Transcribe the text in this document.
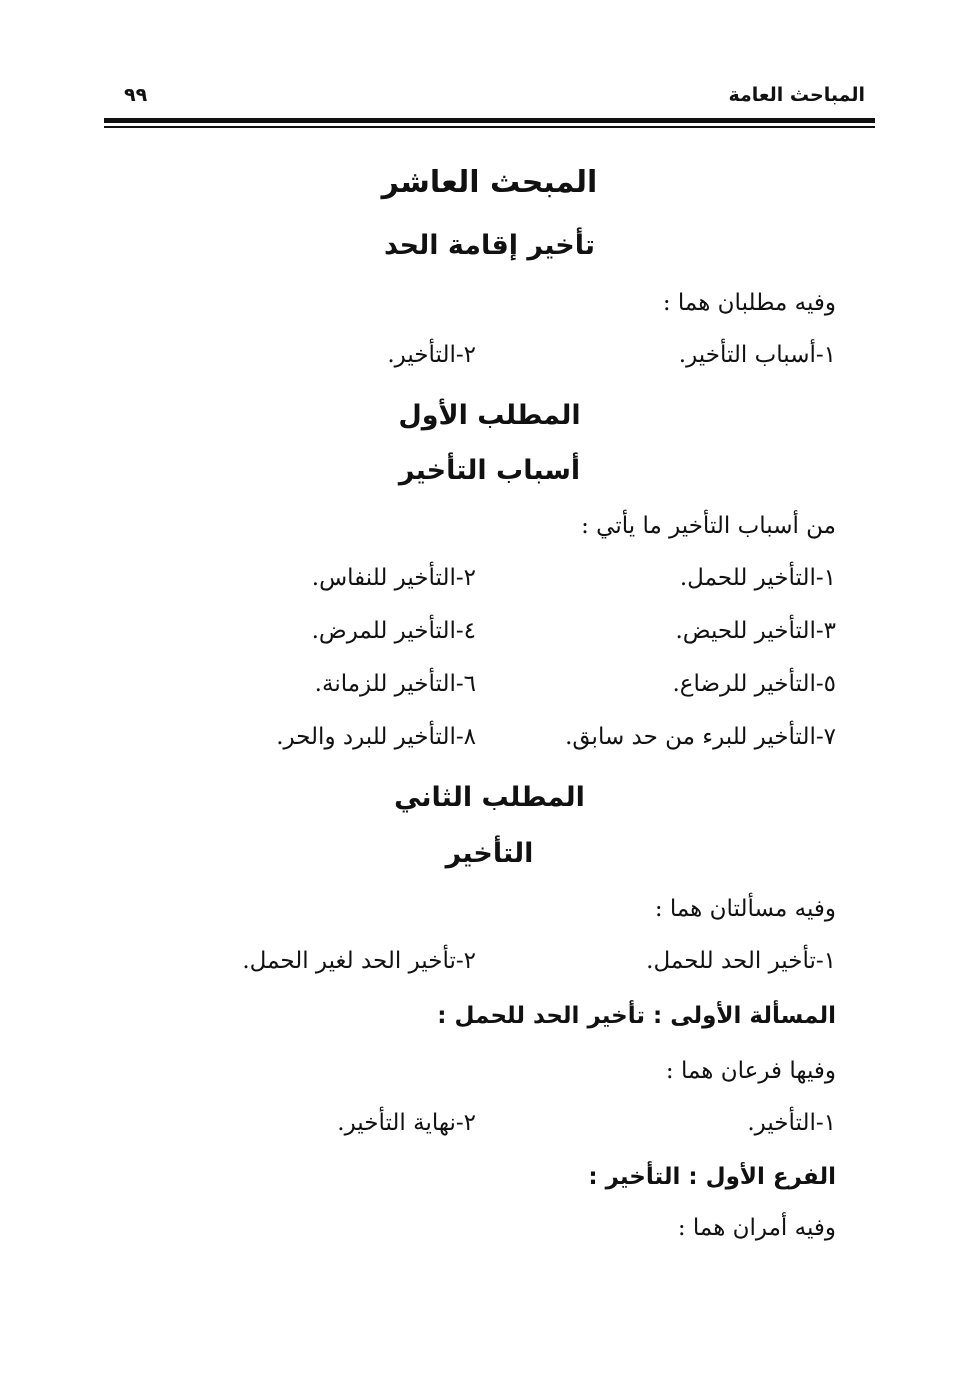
المباحث العامة
٩٩
المبحث العاشر
تأخير إقامة الحد
وفيه مطلبان هما :
١-أسباب التأخير.
٢-التأخير.
المطلب الأول
أسباب التأخير
من أسباب التأخير ما يأتي :
١-التأخير للحمل.
٢-التأخير للنفاس.
٣-التأخير للحيض.
٤-التأخير للمرض.
٥-التأخير للرضاع.
٦-التأخير للزمانة.
٧-التأخير للبرء من حد سابق.
٨-التأخير للبرد والحر.
المطلب الثاني
التأخير
وفيه مسألتان هما :
١-تأخير الحد للحمل.
٢-تأخير الحد لغير الحمل.
المسألة الأولى : تأخير الحد للحمل :
وفيها فرعان هما :
١-التأخير.
٢-نهاية التأخير.
الفرع الأول : التأخير :
وفيه أمران هما :
